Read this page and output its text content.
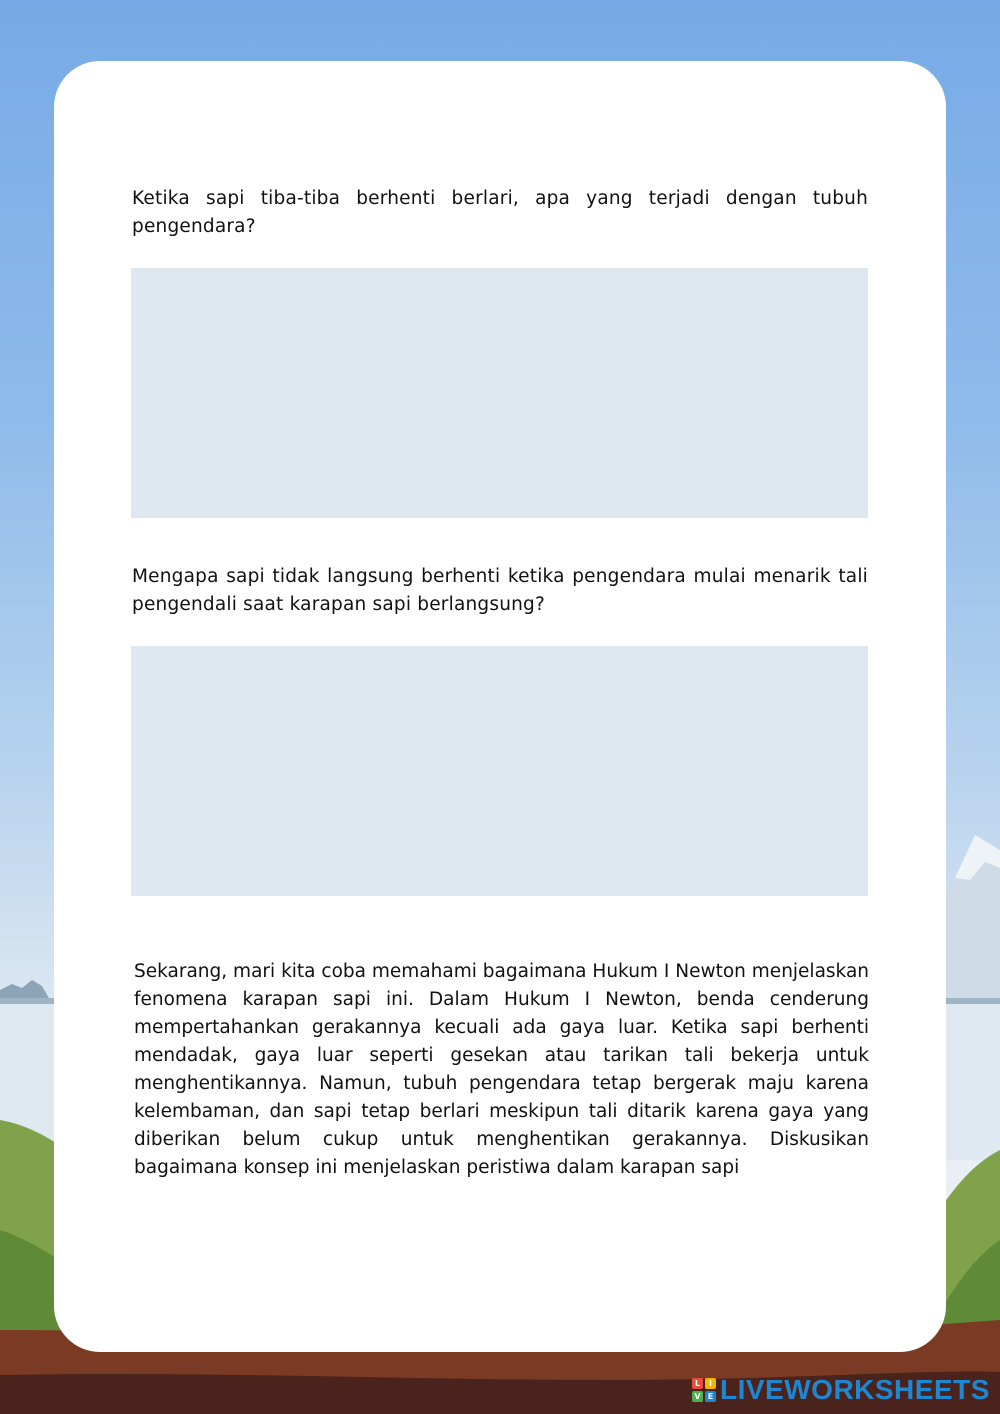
Ketika sapi tiba-tiba berhenti berlari, apa yang terjadi dengan tubuh pengendara?
Mengapa sapi tidak langsung berhenti ketika pengendara mulai menarik tali pengendali saat karapan sapi berlangsung?
Sekarang, mari kita coba memahami bagaimana Hukum I Newton menjelaskan fenomena karapan sapi ini. Dalam Hukum I Newton, benda cenderung mempertahankan gerakannya kecuali ada gaya luar. Ketika sapi berhenti mendadak, gaya luar seperti gesekan atau tarikan tali bekerja untuk menghentikannya. Namun, tubuh pengendara tetap bergerak maju karena kelembaman, dan sapi tetap berlari meskipun tali ditarik karena gaya yang diberikan belum cukup untuk menghentikan gerakannya. Diskusikan bagaimana konsep ini menjelaskan peristiwa dalam karapan sapi
L	I
V E LIVEWORKSHEETS
